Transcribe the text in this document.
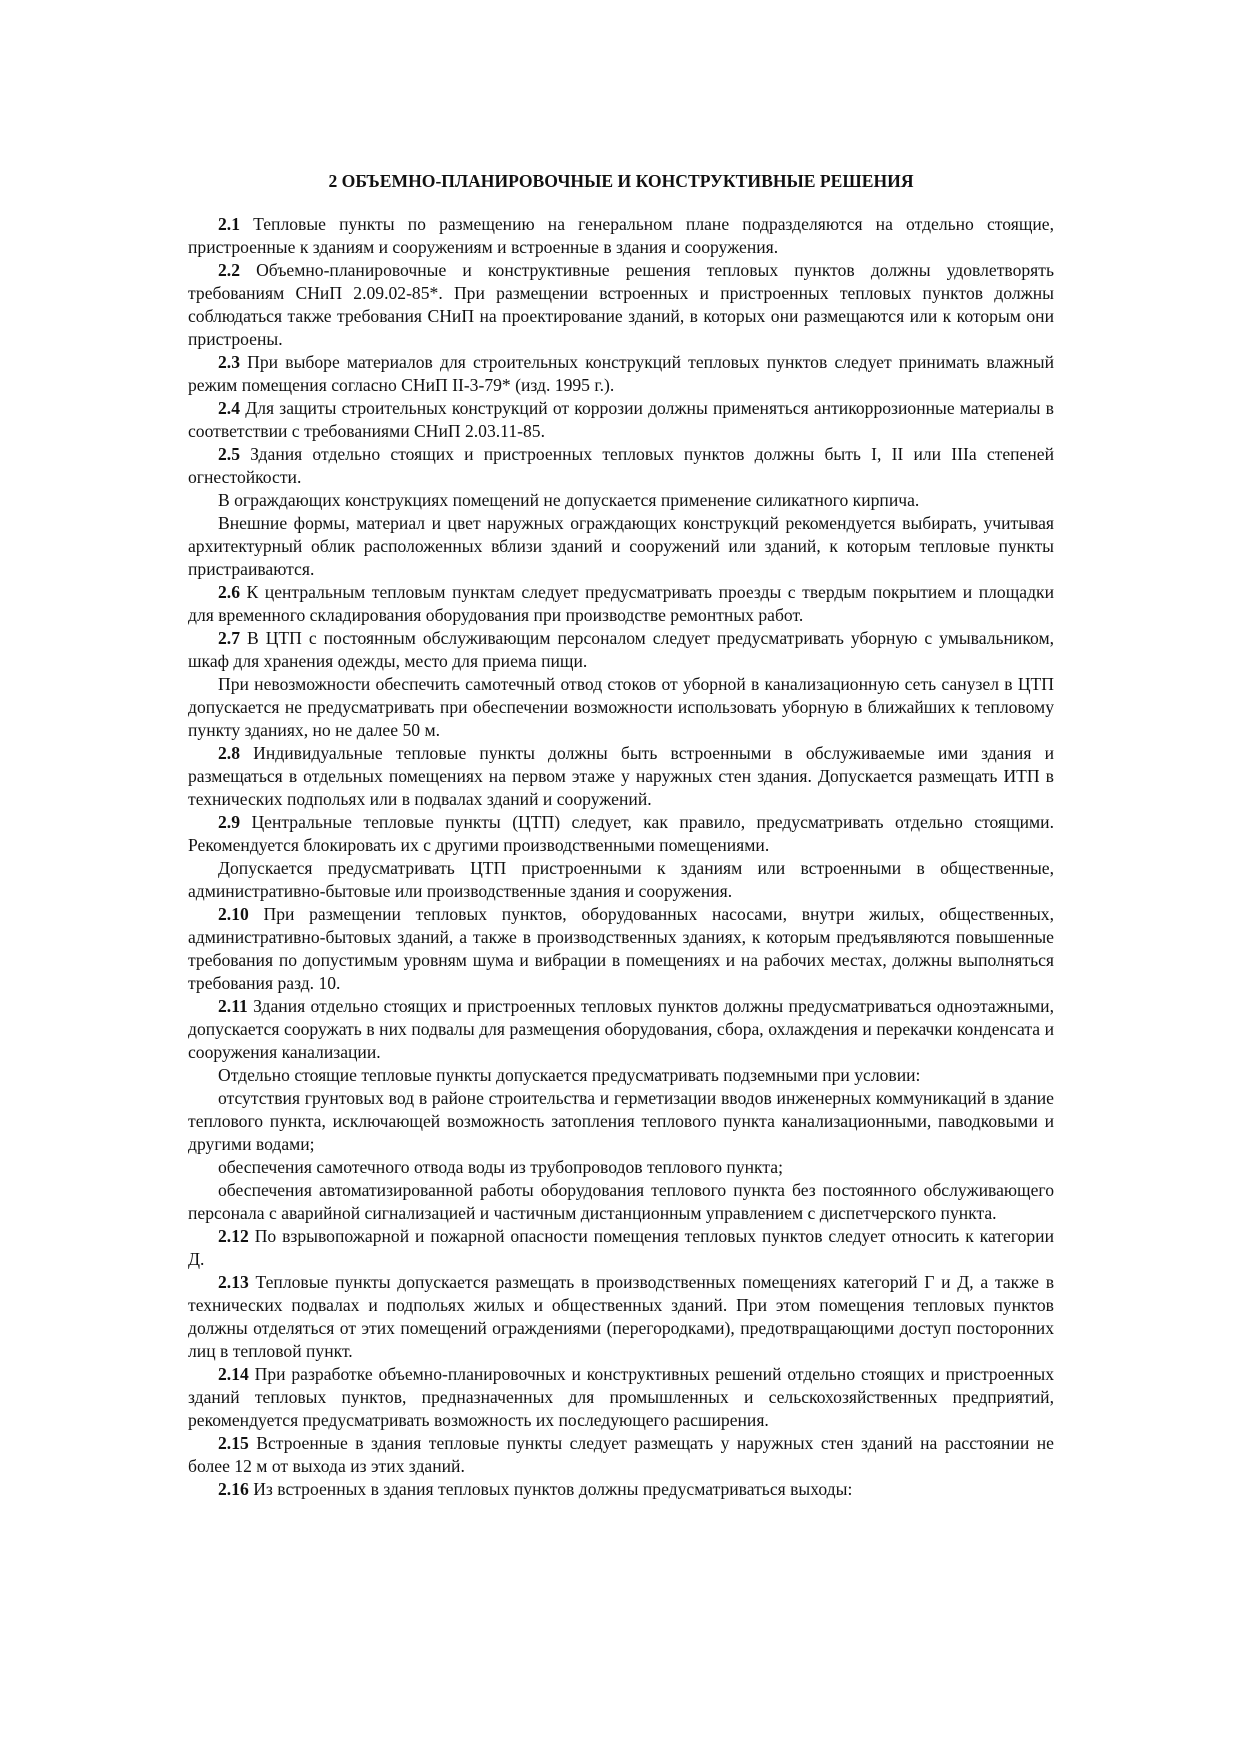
2 ОБЪЕМНО-ПЛАНИРОВОЧНЫЕ И КОНСТРУКТИВНЫЕ РЕШЕНИЯ

2.1 Тепловые пункты по размещению на генеральном плане подразделяются на отдельно стоящие, пристроенные к зданиям и сооружениям и встроенные в здания и сооружения.

2.2 Объемно-планировочные и конструктивные решения тепловых пунктов должны удовлетворять требованиям СНиП 2.09.02-85*. При размещении встроенных и пристроенных тепловых пунктов должны соблюдаться также требования СНиП на проектирование зданий, в которых они размещаются или к которым они пристроены.

2.3 При выборе материалов для строительных конструкций тепловых пунктов следует принимать влажный режим помещения согласно СНиП II-3-79* (изд. 1995 г.).

2.4 Для защиты строительных конструкций от коррозии должны применяться антикоррозионные материалы в соответствии с требованиями СНиП 2.03.11-85.

2.5 Здания отдельно стоящих и пристроенных тепловых пунктов должны быть I, II или IIIа степеней огнестойкости.

В ограждающих конструкциях помещений не допускается применение силикатного кирпича.

Внешние формы, материал и цвет наружных ограждающих конструкций рекомендуется выбирать, учитывая архитектурный облик расположенных вблизи зданий и сооружений или зданий, к которым тепловые пункты пристраиваются.

2.6 К центральным тепловым пунктам следует предусматривать проезды с твердым покрытием и площадки для временного складирования оборудования при производстве ремонтных работ.

2.7 В ЦТП с постоянным обслуживающим персоналом следует предусматривать уборную с умывальником, шкаф для хранения одежды, место для приема пищи.

При невозможности обеспечить самотечный отвод стоков от уборной в канализационную сеть санузел в ЦТП допускается не предусматривать при обеспечении возможности использовать уборную в ближайших к тепловому пункту зданиях, но не далее 50 м.

2.8 Индивидуальные тепловые пункты должны быть встроенными в обслуживаемые ими здания и размещаться в отдельных помещениях на первом этаже у наружных стен здания. Допускается размещать ИТП в технических подпольях или в подвалах зданий и сооружений.

2.9 Центральные тепловые пункты (ЦТП) следует, как правило, предусматривать отдельно стоящими. Рекомендуется блокировать их с другими производственными помещениями.

Допускается предусматривать ЦТП пристроенными к зданиям или встроенными в общественные, административно-бытовые или производственные здания и сооружения.

2.10 При размещении тепловых пунктов, оборудованных насосами, внутри жилых, общественных, административно-бытовых зданий, а также в производственных зданиях, к которым предъявляются повышенные требования по допустимым уровням шума и вибрации в помещениях и на рабочих местах, должны выполняться требования разд. 10.

2.11 Здания отдельно стоящих и пристроенных тепловых пунктов должны предусматриваться одноэтажными, допускается сооружать в них подвалы для размещения оборудования, сбора, охлаждения и перекачки конденсата и сооружения канализации.

Отдельно стоящие тепловые пункты допускается предусматривать подземными при условии:

отсутствия грунтовых вод в районе строительства и герметизации вводов инженерных коммуникаций в здание теплового пункта, исключающей возможность затопления теплового пункта канализационными, паводковыми и другими водами;

обеспечения самотечного отвода воды из трубопроводов теплового пункта;

обеспечения автоматизированной работы оборудования теплового пункта без постоянного обслуживающего персонала с аварийной сигнализацией и частичным дистанционным управлением с диспетчерского пункта.

2.12 По взрывопожарной и пожарной опасности помещения тепловых пунктов следует относить к категории Д.

2.13 Тепловые пункты допускается размещать в производственных помещениях категорий Г и Д, а также в технических подвалах и подпольях жилых и общественных зданий. При этом помещения тепловых пунктов должны отделяться от этих помещений ограждениями (перегородками), предотвращающими доступ посторонних лиц в тепловой пункт.

2.14 При разработке объемно-планировочных и конструктивных решений отдельно стоящих и пристроенных зданий тепловых пунктов, предназначенных для промышленных и сельскохозяйственных предприятий, рекомендуется предусматривать возможность их последующего расширения.

2.15 Встроенные в здания тепловые пункты следует размещать у наружных стен зданий на расстоянии не более 12 м от выхода из этих зданий.

2.16 Из встроенных в здания тепловых пунктов должны предусматриваться выходы:
